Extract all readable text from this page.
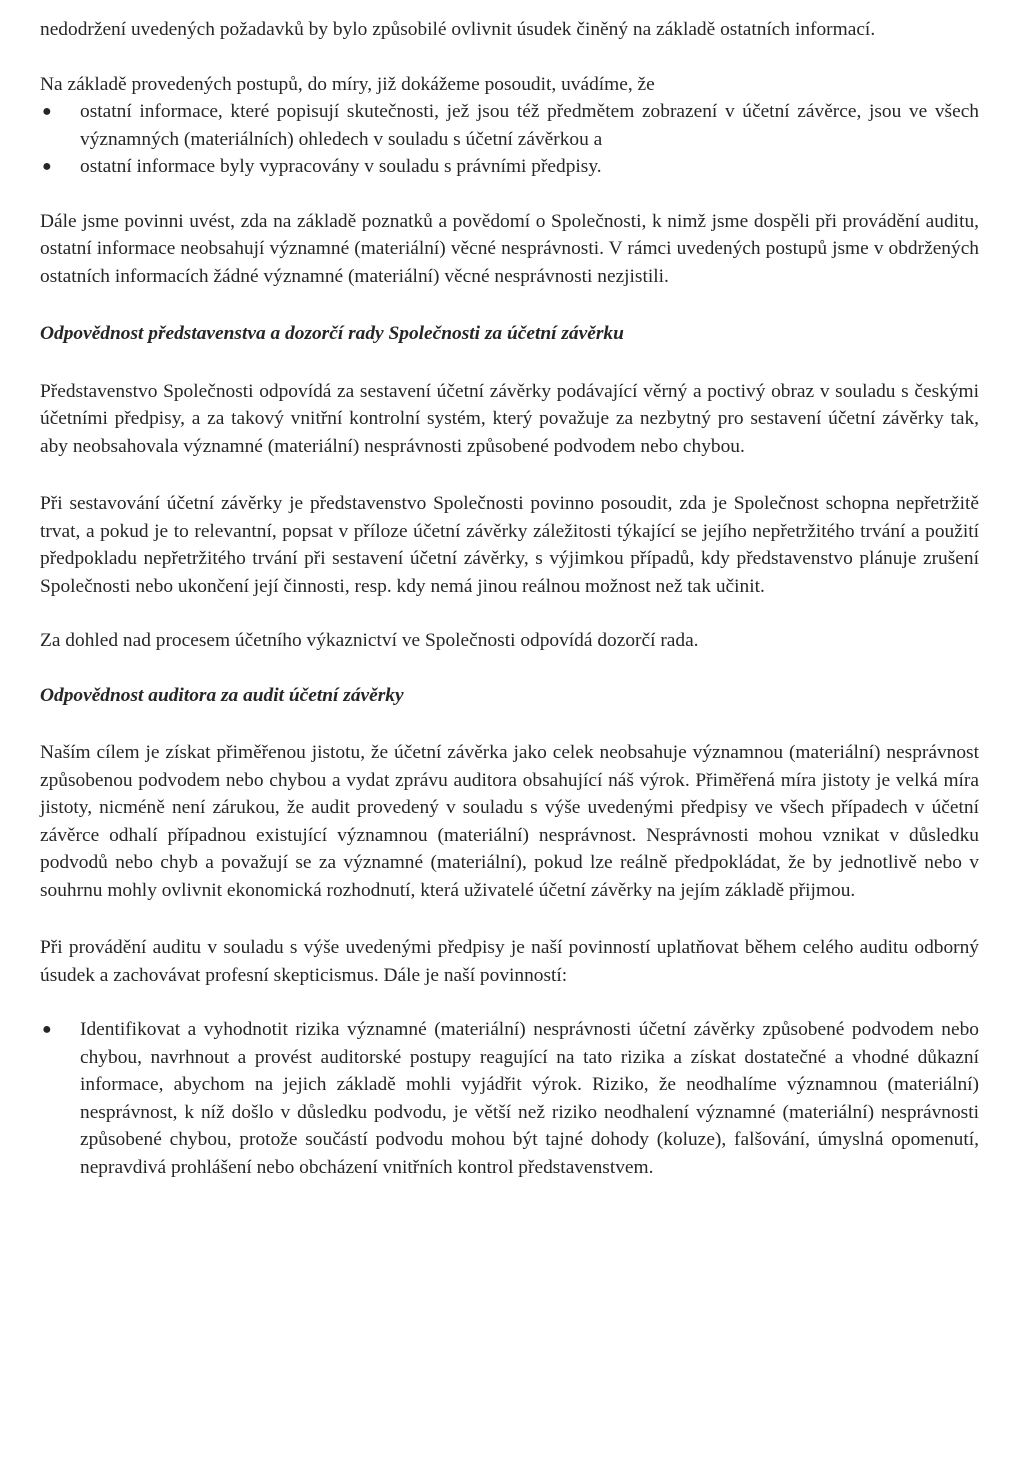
nedodržení uvedených požadavků by bylo způsobilé ovlivnit úsudek činěný na základě ostatních informací.

Na základě provedených postupů, do míry, již dokážeme posoudit, uvádíme, že

●	ostatní informace, které popisují skutečnosti, jež jsou též předmětem zobrazení v účetní závěrce, jsou ve všech významných (materiálních) ohledech v souladu s účetní závěrkou a
●	ostatní informace byly vypracovány v souladu s právními předpisy.

Dále jsme povinni uvést, zda na základě poznatků a povědomí o Společnosti, k nimž jsme dospěli při provádění auditu, ostatní informace neobsahují významné (materiální) věcné nesprávnosti. V rámci uvedených postupů jsme v obdržených ostatních informacích žádné významné (materiální) věcné nesprávnosti nezjistili.

Odpovědnost představenstva a dozorčí rady Společnosti za účetní závěrku

Představenstvo Společnosti odpovídá za sestavení účetní závěrky podávající věrný a poctivý obraz v souladu s českými účetními předpisy, a za takový vnitřní kontrolní systém, který považuje za nezbytný pro sestavení účetní závěrky tak, aby neobsahovala významné (materiální) nesprávnosti způsobené podvodem nebo chybou.

Při sestavování účetní závěrky je představenstvo Společnosti povinno posoudit, zda je Společnost schopna nepřetržitě trvat, a pokud je to relevantní, popsat v příloze účetní závěrky záležitosti týkající se jejího nepřetržitého trvání a použití předpokladu nepřetržitého trvání při sestavení účetní závěrky, s výjimkou případů, kdy představenstvo plánuje zrušení Společnosti nebo ukončení její činnosti, resp. kdy nemá jinou reálnou možnost než tak učinit.

Za dohled nad procesem účetního výkaznictví ve Společnosti odpovídá dozorčí rada.

Odpovědnost auditora za audit účetní závěrky

Naším cílem je získat přiměřenou jistotu, že účetní závěrka jako celek neobsahuje významnou (materiální) nesprávnost způsobenou podvodem nebo chybou a vydat zprávu auditora obsahující náš výrok. Přiměřená míra jistoty je velká míra jistoty, nicméně není zárukou, že audit provedený v souladu s výše uvedenými předpisy ve všech případech v účetní závěrce odhalí případnou existující významnou (materiální) nesprávnost. Nesprávnosti mohou vznikat v důsledku podvodů nebo chyb a považují se za významné (materiální), pokud lze reálně předpokládat, že by jednotlivě nebo v souhrnu mohly ovlivnit ekonomická rozhodnutí, která uživatelé účetní závěrky na jejím základě přijmou.

Při provádění auditu v souladu s výše uvedenými předpisy je naší povinností uplatňovat během celého auditu odborný úsudek a zachovávat profesní skepticismus. Dále je naší povinností:

●	Identifikovat a vyhodnotit rizika významné (materiální) nesprávnosti účetní závěrky způsobené podvodem nebo chybou, navrhnout a provést auditorské postupy reagující na tato rizika a získat dostatečné a vhodné důkazní informace, abychom na jejich základě mohli vyjádřit výrok. Riziko, že neodhalíme významnou (materiální) nesprávnost, k níž došlo v důsledku podvodu, je větší než riziko neodhalení významné (materiální) nesprávnosti způsobené chybou, protože součástí podvodu mohou být tajné dohody (koluze), falšování, úmyslná opomenutí, nepravdivá prohlášení nebo obcházení vnitřních kontrol představenstvem.
